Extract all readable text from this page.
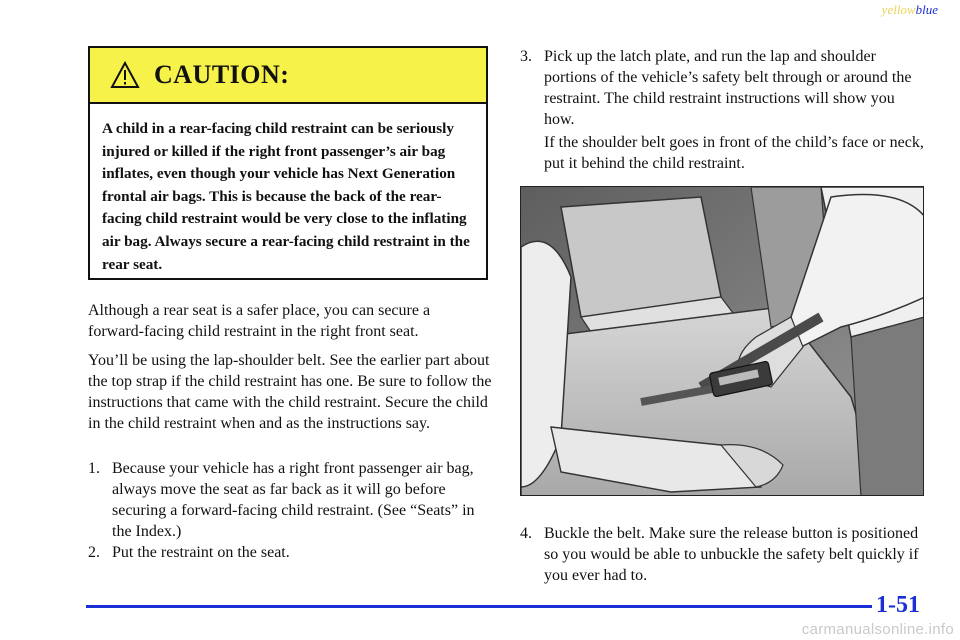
yellowblue
CAUTION:
A child in a rear-facing child restraint can be seriously injured or killed if the right front passenger’s air bag inflates, even though your vehicle has Next Generation frontal air bags. This is because the back of the rear-facing child restraint would be very close to the inflating air bag. Always secure a rear-facing child restraint in the rear seat.
Although a rear seat is a safer place, you can secure a forward-facing child restraint in the right front seat.
You’ll be using the lap-shoulder belt. See the earlier part about the top strap if the child restraint has one. Be sure to follow the instructions that came with the child restraint. Secure the child in the child restraint when and as the instructions say.
1. Because your vehicle has a right front passenger air bag, always move the seat as far back as it will go before securing a forward-facing child restraint. (See “Seats” in the Index.)
2. Put the restraint on the seat.
3. Pick up the latch plate, and run the lap and shoulder portions of the vehicle’s safety belt through or around the restraint. The child restraint instructions will show you how.
If the shoulder belt goes in front of the child’s face or neck, put it behind the child restraint.
4. Buckle the belt. Make sure the release button is positioned so you would be able to unbuckle the safety belt quickly if you ever had to.
1-51
carmanualsonline.info
